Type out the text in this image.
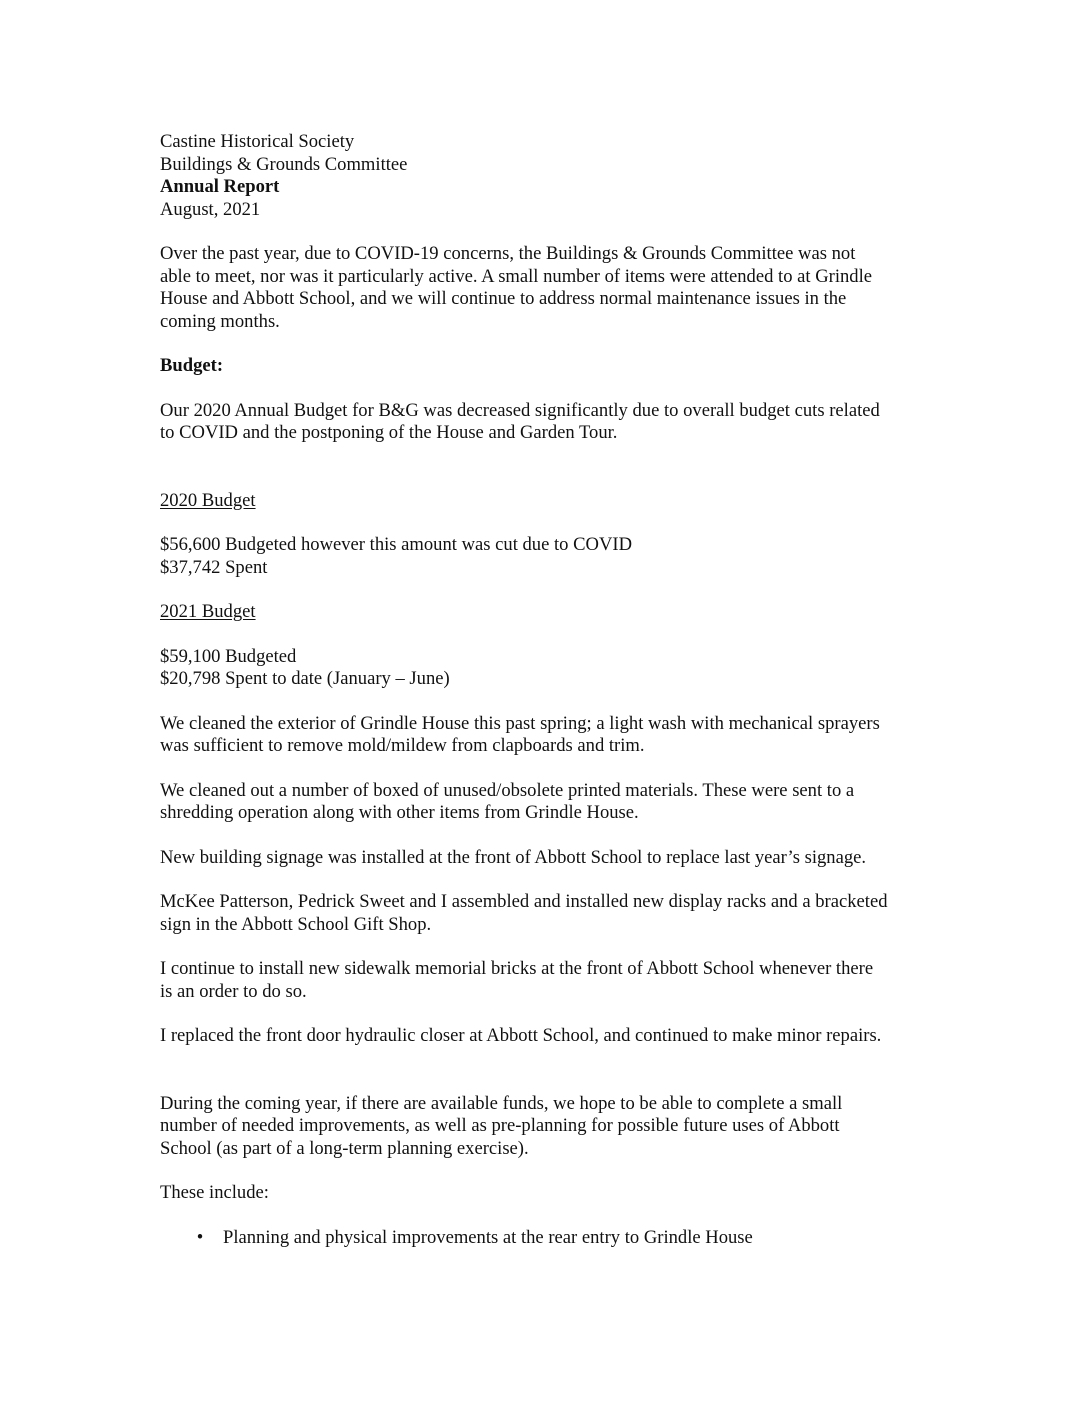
Castine Historical Society
Buildings & Grounds Committee
Annual Report
August, 2021

Over the past year, due to COVID-19 concerns, the Buildings & Grounds Committee was not
able to meet, nor was it particularly active. A small number of items were attended to at Grindle
House and Abbott School, and we will continue to address normal maintenance issues in the
coming months.

Budget:

Our 2020 Annual Budget for B&G was decreased significantly due to overall budget cuts related
to COVID and the postponing of the House and Garden Tour.

2020 Budget
$56,600 Budgeted however this amount was cut due to COVID
$37,742 Spent
2021 Budget
$59,100 Budgeted
$20,798 Spent to date (January – June)

We cleaned the exterior of Grindle House this past spring; a light wash with mechanical sprayers
was sufficient to remove mold/mildew from clapboards and trim.

We cleaned out a number of boxed of unused/obsolete printed materials. These were sent to a
shredding operation along with other items from Grindle House.

New building signage was installed at the front of Abbott School to replace last year’s signage.

McKee Patterson, Pedrick Sweet and I assembled and installed new display racks and a bracketed
sign in the Abbott School Gift Shop.

I continue to install new sidewalk memorial bricks at the front of Abbott School whenever there
is an order to do so.

I replaced the front door hydraulic closer at Abbott School, and continued to make minor repairs.

During the coming year, if there are available funds, we hope to be able to complete a small
number of needed improvements, as well as pre-planning for possible future uses of Abbott
School (as part of a long-term planning exercise).

These include:
• Planning and physical improvements at the rear entry to Grindle House
